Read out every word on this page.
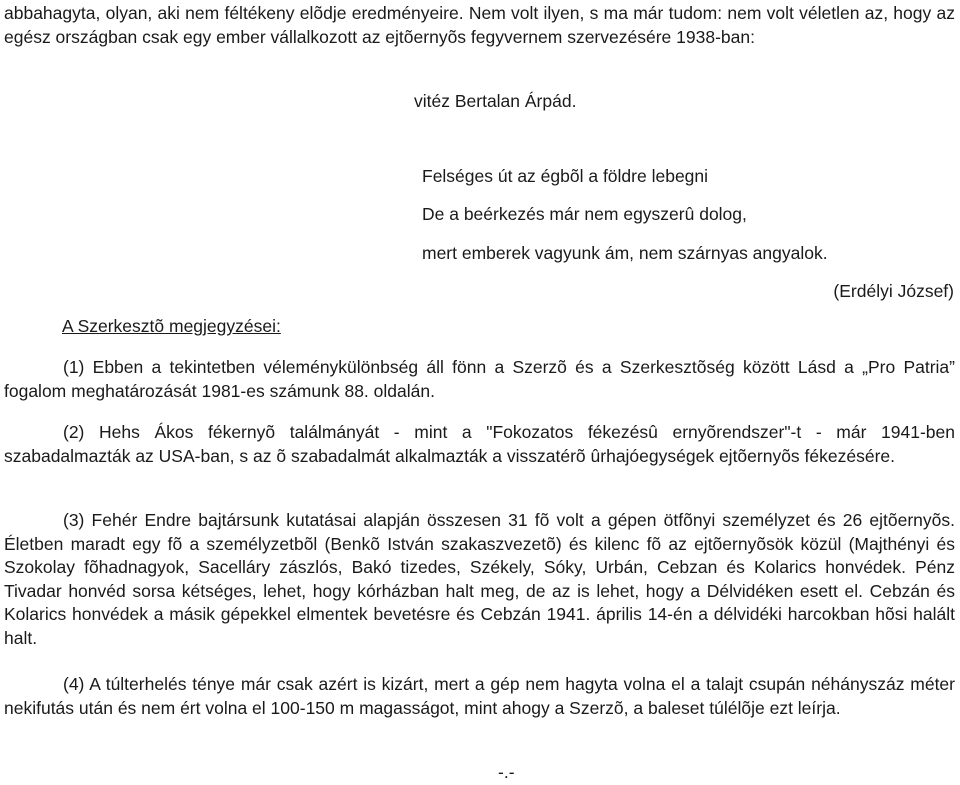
abbahagyta, olyan, aki nem féltékeny elõdje eredményeire. Nem volt ilyen, s ma már tudom: nem volt véletlen az, hogy az egész országban csak egy ember vállalkozott az ejtõernyõs fegyvernem szervezésére 1938-ban:

vitéz Bertalan Árpád.

Felséges út az égbõl a földre lebegni

De a beérkezés már nem egyszerû dolog,

mert emberek vagyunk ám, nem szárnyas angyalok.

(Erdélyi József)

A Szerkesztõ megjegyzései:

(1) Ebben a tekintetben véleménykülönbség áll fönn a Szerzõ és a Szerkesztõség között Lásd a „Pro Patria” fogalom meghatározását 1981-es számunk 88. oldalán.

(2) Hehs Ákos fékernyõ találmányát - mint a "Fokozatos fékezésû ernyõrendszer"-t - már 1941-ben szabadalmazták az USA-ban, s az õ szabadalmát alkalmazták a visszatérõ ûrhajóegységek ejtõernyõs fékezésére.

(3) Fehér Endre bajtársunk kutatásai alapján összesen 31 fõ volt a gépen ötfõnyi személyzet és 26 ejtõernyõs. Életben maradt egy fõ a személyzetbõl (Benkõ István szakaszvezetõ) és kilenc fõ az ejtõernyõsök közül (Majthényi és Szokolay fõhadnagyok, Sacelláry zászlós, Bakó tizedes, Székely, Sóky, Urbán, Cebzan és Kolarics honvédek. Pénz Tivadar honvéd sorsa kétséges, lehet, hogy kórházban halt meg, de az is lehet, hogy a Délvidéken esett el. Cebzán és Kolarics honvédek a másik gépekkel elmentek bevetésre és Cebzán 1941. április 14-én a délvidéki harcokban hõsi halált halt.

(4) A túlterhelés ténye már csak azért is kizárt, mert a gép nem hagyta volna el a talajt csupán néhányszáz méter nekifutás után és nem ért volna el 100-150 m magasságot, mint ahogy a Szerzõ, a baleset túlélõje ezt leírja.

-.-
